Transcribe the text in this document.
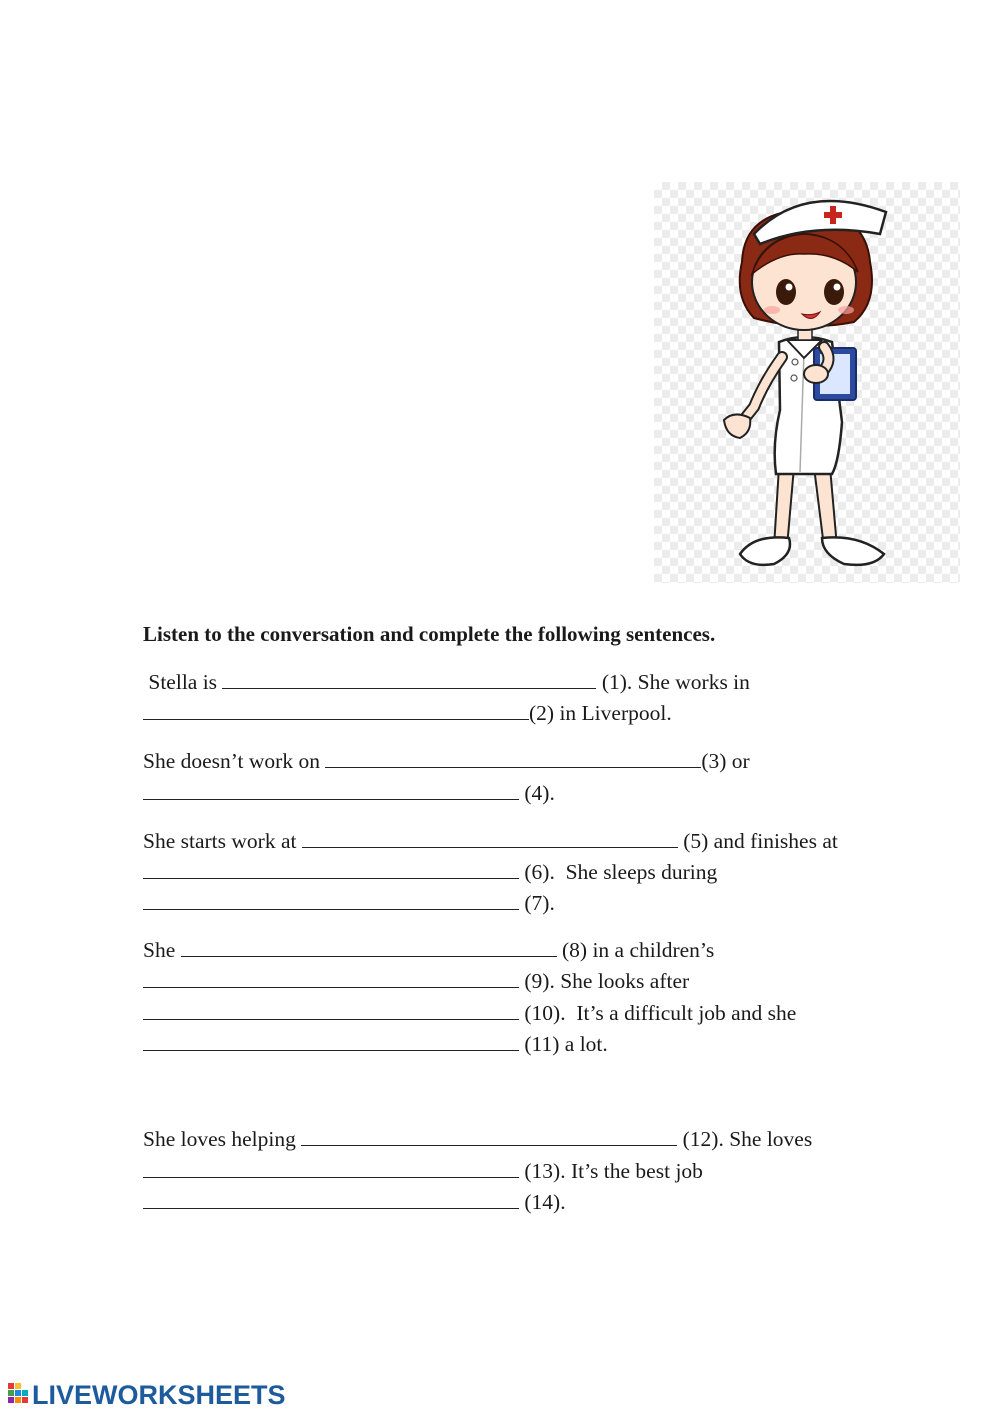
Listen to the conversation and complete the following sentences.
Stella is	(1). She works in
(2) in Liverpool.
She doesn’t work on	(3) or
(4).
She starts work at	(5) and finishes at
(6).  She sleeps during
(7).
She	(8) in a children’s
(9). She looks after
(10).  It’s a difficult job and she
(11) a lot.
She loves helping	(12). She loves
(13). It’s the best job
(14).
LIVEWORKSHEETS
